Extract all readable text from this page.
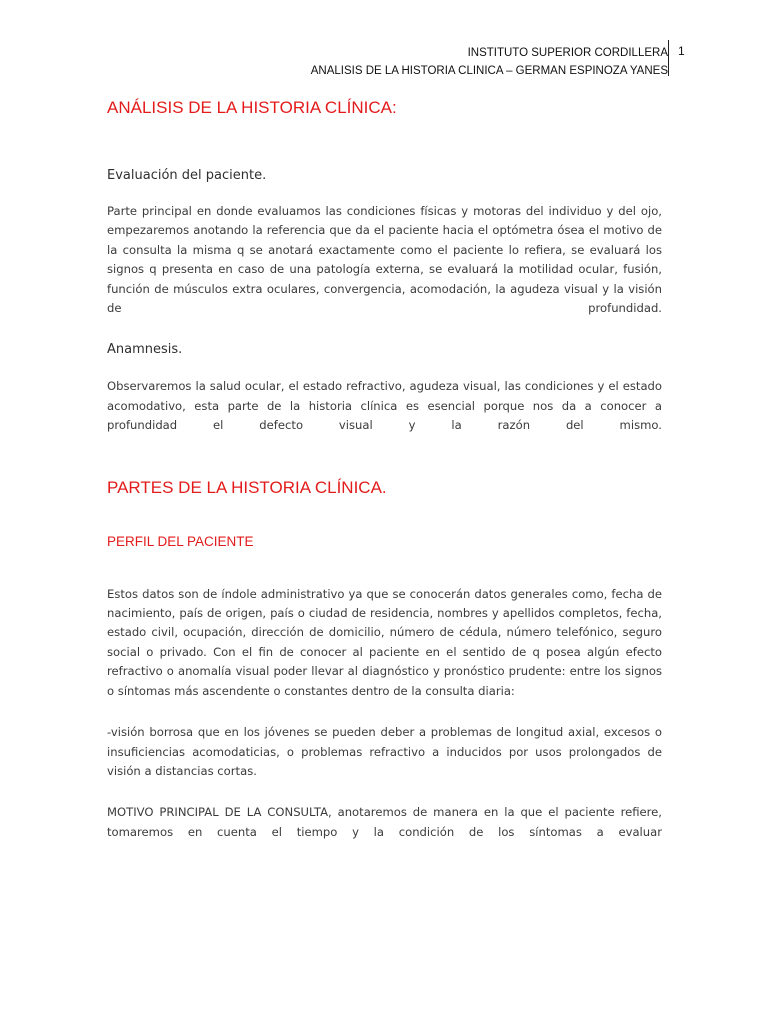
INSTITUTO SUPERIOR CORDILLERA
ANALISIS DE LA HISTORIA CLINICA – GERMAN ESPINOZA YANES
1
ANÁLISIS DE LA HISTORIA CLÍNICA:

Evaluación del paciente.

Parte principal en donde evaluamos las condiciones físicas y motoras del individuo y del ojo, empezaremos anotando la referencia que da el paciente hacia el optómetra ósea el motivo de la consulta la misma q se anotará exactamente como el paciente lo refiera, se evaluará los signos q presenta en caso de una patología externa, se evaluará la motilidad ocular, fusión, función de músculos extra oculares, convergencia, acomodación, la agudeza visual y la visión de profundidad.

Anamnesis.

Observaremos la salud ocular, el estado refractivo, agudeza visual, las condiciones y el estado acomodativo, esta parte de la historia clínica es esencial porque nos da a conocer a profundidad el defecto visual y la razón del mismo.

PARTES DE LA HISTORIA CLÍNICA.
PERFIL DEL PACIENTE

Estos datos son de índole administrativo ya que se conocerán datos generales como, fecha de nacimiento, país de origen, país o ciudad de residencia, nombres y apellidos completos, fecha, estado civil, ocupación, dirección de domicilio, número de cédula, número telefónico, seguro social o privado. Con el fin de conocer al paciente en el sentido de q posea algún efecto refractivo o anomalía visual poder llevar al diagnóstico y pronóstico prudente: entre los signos o síntomas más ascendente o constantes dentro de la consulta diaria:

-visión borrosa que en los jóvenes se pueden deber a problemas de longitud axial, excesos o insuficiencias acomodaticias, o problemas refractivo a inducidos por usos prolongados de visión a distancias cortas.

MOTIVO PRINCIPAL DE LA CONSULTA, anotaremos de manera en la que el paciente refiere, tomaremos en cuenta el tiempo y la condición de los síntomas a evaluar
